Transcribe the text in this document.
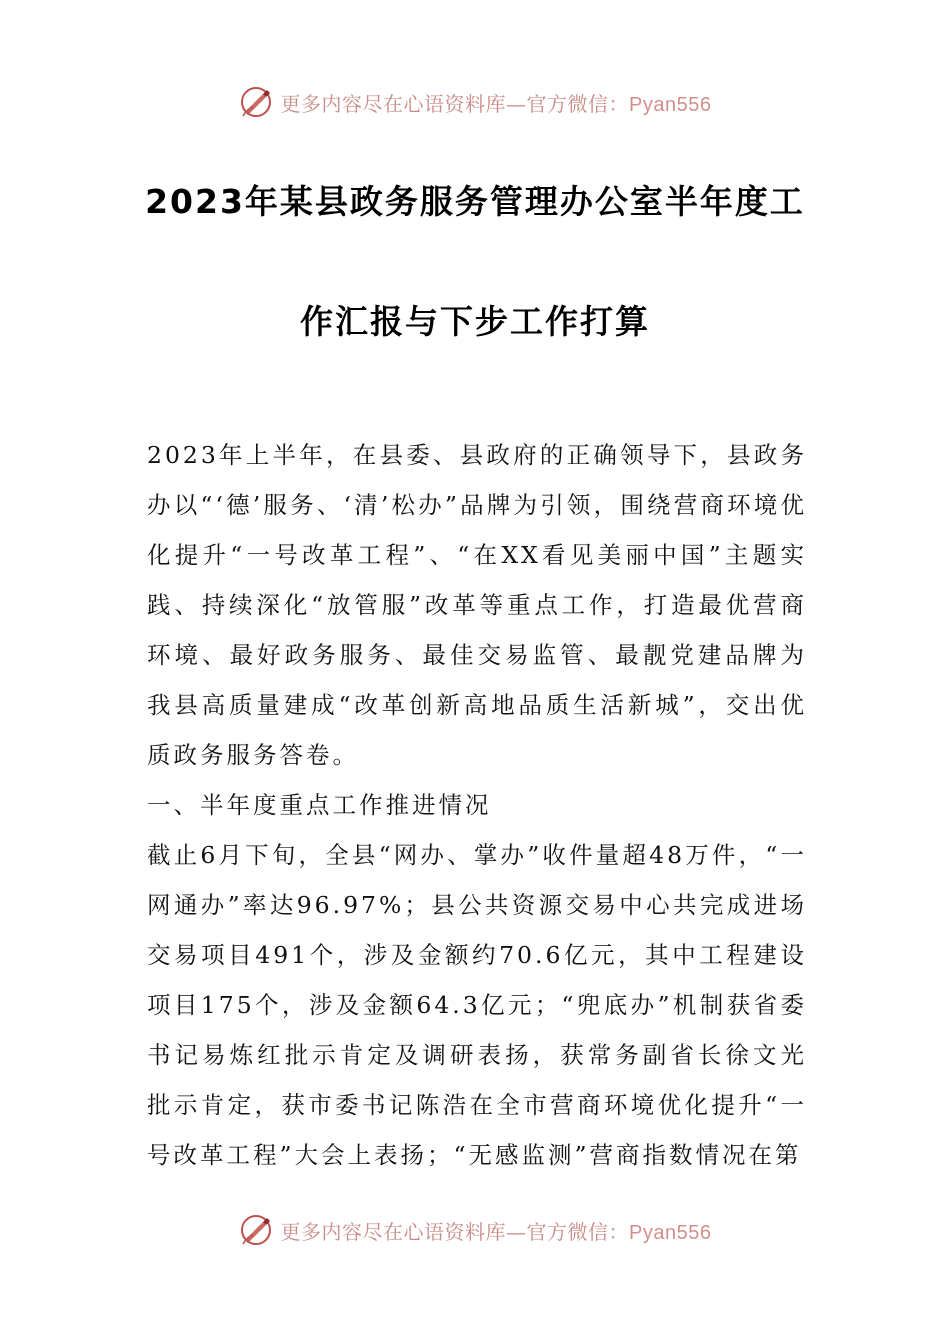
更多内容尽在心语资料库—官方微信：Pyan556
2023年某县政务服务管理办公室半年度工
作汇报与下步工作打算

2023年上半年，在县委、县政府的正确领导下，县政务办以“‘德’服务、‘清’松办”品牌为引领，围绕营商环境优化提升“一号改革工程”、“在XX看见美丽中国”主题实践、持续深化“放管服”改革等重点工作，打造最优营商环境、最好政务服务、最佳交易监管、最靓党建品牌为我县高质量建成“改革创新高地品质生活新城”，交出优质政务服务答卷。

一、半年度重点工作推进情况

截止6月下旬，全县“网办、掌办”收件量超48万件，“一网通办”率达96.97%；县公共资源交易中心共完成进场交易项目491个，涉及金额约70.6亿元，其中工程建设项目175个，涉及金额64.3亿元；“兜底办”机制获省委书记易炼红批示肯定及调研表扬，获常务副省长徐文光批示肯定，获市委书记陈浩在全市营商环境优化提升“一号改革工程”大会上表扬；“无感监测”营商指数情况在第

更多内容尽在心语资料库—官方微信：Pyan556
